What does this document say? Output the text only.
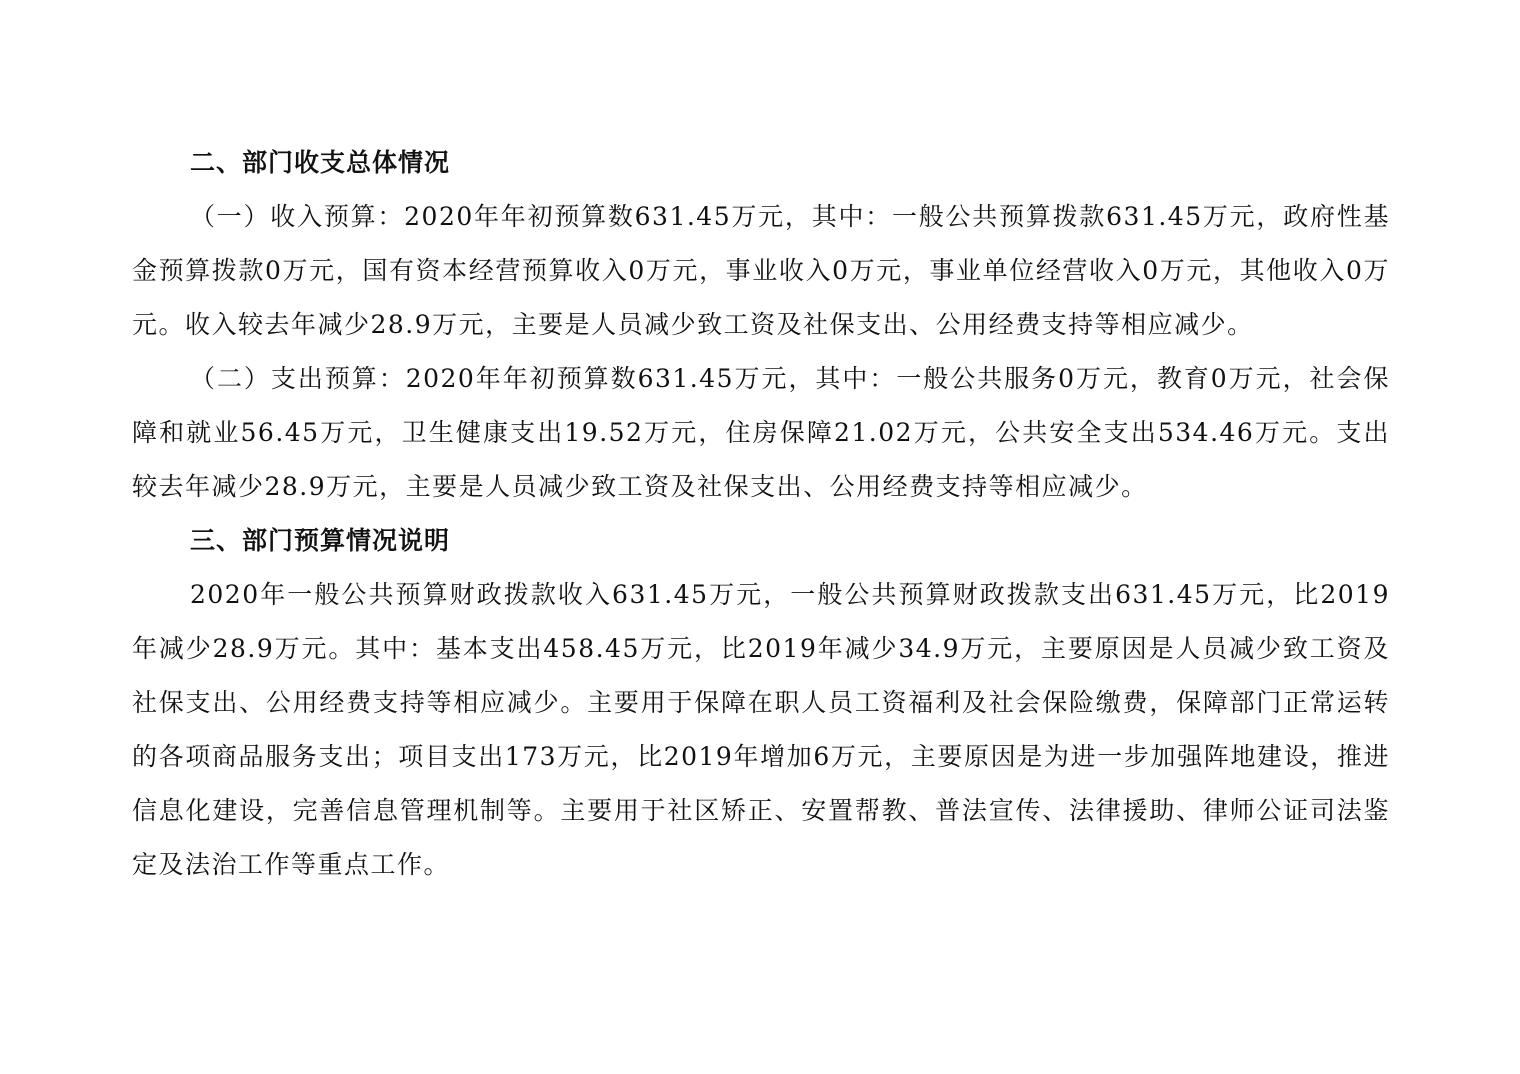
二、部门收支总体情况

（一）收入预算：2020年年初预算数631.45万元，其中：一般公共预算拨款631.45万元，政府性基金预算拨款0万元，国有资本经营预算收入0万元，事业收入0万元，事业单位经营收入0万元，其他收入0万元。收入较去年减少28.9万元，主要是人员减少致工资及社保支出、公用经费支持等相应减少。

（二）支出预算：2020年年初预算数631.45万元，其中：一般公共服务0万元，教育0万元，社会保障和就业56.45万元，卫生健康支出19.52万元，住房保障21.02万元，公共安全支出534.46万元。支出较去年减少28.9万元，主要是人员减少致工资及社保支出、公用经费支持等相应减少。

三、部门预算情况说明

2020年一般公共预算财政拨款收入631.45万元，一般公共预算财政拨款支出631.45万元，比2019年减少28.9万元。其中：基本支出458.45万元，比2019年减少34.9万元，主要原因是人员减少致工资及社保支出、公用经费支持等相应减少。主要用于保障在职人员工资福利及社会保险缴费，保障部门正常运转的各项商品服务支出；项目支出173万元，比2019年增加6万元，主要原因是为进一步加强阵地建设，推进信息化建设，完善信息管理机制等。主要用于社区矫正、安置帮教、普法宣传、法律援助、律师公证司法鉴定及法治工作等重点工作。
